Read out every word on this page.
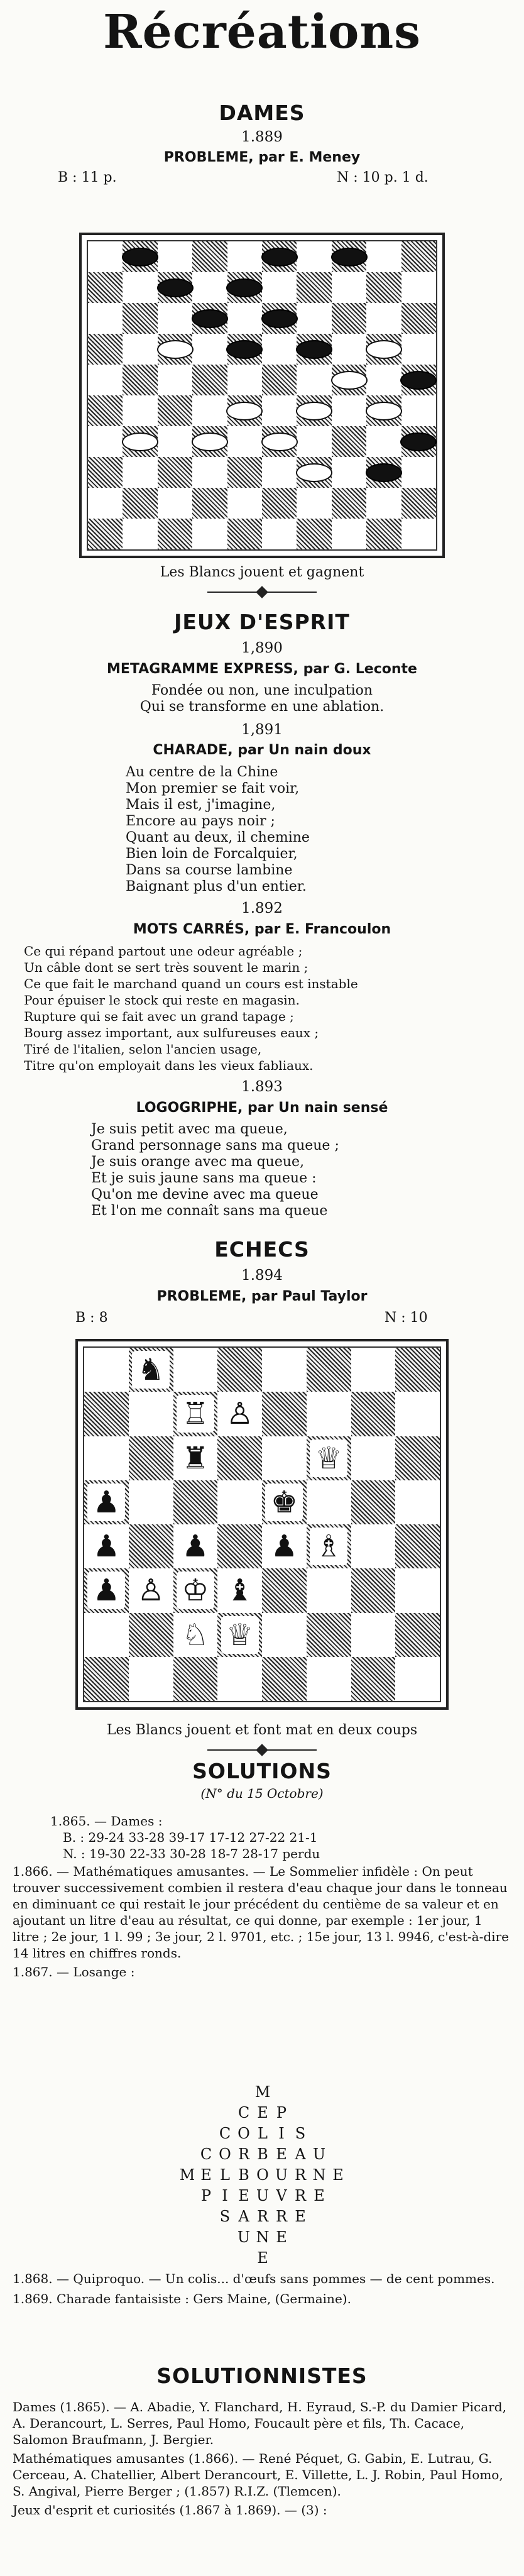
Récréations
DAMES
1.889
PROBLEME, par E. Meney
B : 11 p.	N : 10 p. 1 d.
Les Blancs jouent et gagnent
JEUX D'ESPRIT
1,890
METAGRAMME EXPRESS, par G. Leconte
Fondée ou non, une inculpation
Qui se transforme en une ablation.
1,891
CHARADE, par Un nain doux
Au centre de la Chine
Mon premier se fait voir,
Mais il est, j'imagine,
Encore au pays noir ;
Quant au deux, il chemine
Bien loin de Forcalquier,
Dans sa course lambine
Baignant plus d'un entier.
1.892
MOTS CARRÉS, par E. Francoulon
Ce qui répand partout une odeur agréable ;
Un câble dont se sert très souvent le marin ;
Ce que fait le marchand quand un cours est instable
Pour épuiser le stock qui reste en magasin.
Rupture qui se fait avec un grand tapage ;
Bourg assez important, aux sulfureuses eaux ;
Tiré de l'italien, selon l'ancien usage,
Titre qu'on employait dans les vieux fabliaux.
1.893
LOGOGRIPHE, par Un nain sensé
Je suis petit avec ma queue,
Grand personnage sans ma queue ;
Je suis orange avec ma queue,
Et je suis jaune sans ma queue :
Qu'on me devine avec ma queue
Et l'on me connaît sans ma queue
ECHECS
1.894
PROBLEME, par Paul Taylor
B : 8	N : 10
♞
♖ ♙
♜	♕
♟	♚
♟ ♟ ♟ ♗
♟ ♙ ♔ ♝
♘ ♕
Les Blancs jouent et font mat en deux coups
SOLUTIONS
(N° du 15 Octobre)
1.865. — Dames :
B. : 29-24 33-28 39-17 17-12 27-22 21-1
N. : 19-30 22-33 30-28 18-7 28-17 perdu
1.866. — Mathématiques amusantes. — Le Sommelier infidèle : On peut trouver successivement combien il restera d'eau chaque jour dans le tonneau en diminuant ce qui restait le jour précédent du centième de sa valeur et en ajoutant un litre d'eau au résultat, ce qui donne, par exemple : 1er jour, 1 litre ; 2e jour, 1 l. 99 ; 3e jour, 2 l. 9701, etc. ; 15e jour, 13 l. 9946, c'est-à-dire 14 litres en chiffres ronds.
1.867. — Losange :
M
C E P
C O L I S
C O R B E A U
M E L B O U R N E
P I E U V R E
S A R R E
U N E
E
1.868. — Quiproquo. — Un colis... d'œufs sans pommes — de cent pommes.
1.869. Charade fantaisiste : Gers Maine, (Germaine).
SOLUTIONNISTES
Dames (1.865). — A. Abadie, Y. Flanchard, H. Eyraud, S.-P. du Damier Picard, A. Derancourt, L. Serres, Paul Homo, Foucault père et fils, Th. Cacace, Salomon Braufmann, J. Bergier.
Mathématiques amusantes (1.866). — René Péquet, G. Gabin, E. Lutrau, G. Cerceau, A. Chatellier, Albert Derancourt, E. Villette, L. J. Robin, Paul Homo, S. Angival, Pierre Berger ; (1.857) R.I.Z. (Tlemcen).
Jeux d'esprit et curiosités (1.867 à 1.869). — (3) :
